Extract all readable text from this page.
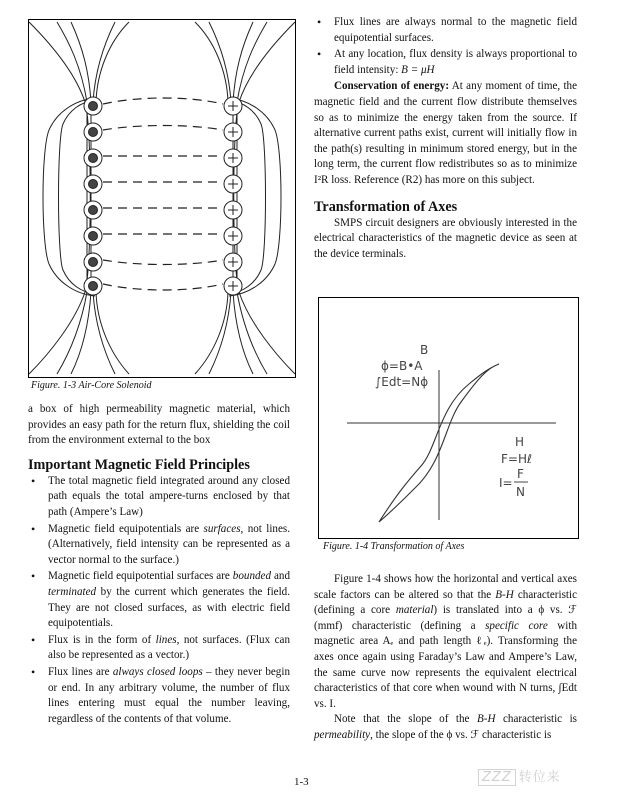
Figure. 1-3 Air-Core Solenoid

a box of high permeability magnetic material, which provides an easy path for the return flux, shielding the coil from the environment external to the box

Important Magnetic Field Principles
• The total magnetic field integrated around any closed path equals the total ampere-turns enclosed by that path (Ampere’s Law)
• Magnetic field equipotentials are surfaces, not lines. (Alternatively, field intensity can be represented as a vector normal to the surface.)
• Magnetic field equipotential surfaces are bounded and terminated by the current which generates the field. They are not closed surfaces, as with electric field equipotentials.
• Flux is in the form of lines, not surfaces. (Flux can also be represented as a vector.)
• Flux lines are always closed loops – they never begin or end. In any arbitrary volume, the number of flux lines entering must equal the number leaving, regardless of the contents of that volume.
• Flux lines are always normal to the magnetic field equipotential surfaces.
• At any location, flux density is always proportional to field intensity: B = μH

Conservation of energy: At any moment of time, the magnetic field and the current flow distribute themselves so as to minimize the energy taken from the source. If alternative current paths exist, current will initially flow in the path(s) resulting in minimum stored energy, but in the long term, the current flow redistributes so as to minimize I²R loss. Reference (R2) has more on this subject.

Transformation of Axes

SMPS circuit designers are obviously interested in the electrical characteristics of the magnetic device as seen at the device terminals.

B
ϕ=B•A
∫Edt=Nϕ
H
F=Hℓ
I=
F
N
Figure. 1-4 Transformation of Axes

Figure 1-4 shows how the horizontal and vertical axes scale factors can be altered so that the B-H characteristic (defining a core material) is translated into a ϕ vs. ℱ (mmf) characteristic (defining a specific core with magnetic area Aₑ and path length ℓₑ). Transforming the axes once again using Faraday’s Law and Ampere’s Law, the same curve now represents the equivalent electrical characteristics of that core when wound with N turns, ∫Edt vs. I.

Note that the slope of the B-H characteristic is permeability, the slope of the ϕ vs. ℱ characteristic is

1-3	ZZZ 转位来
